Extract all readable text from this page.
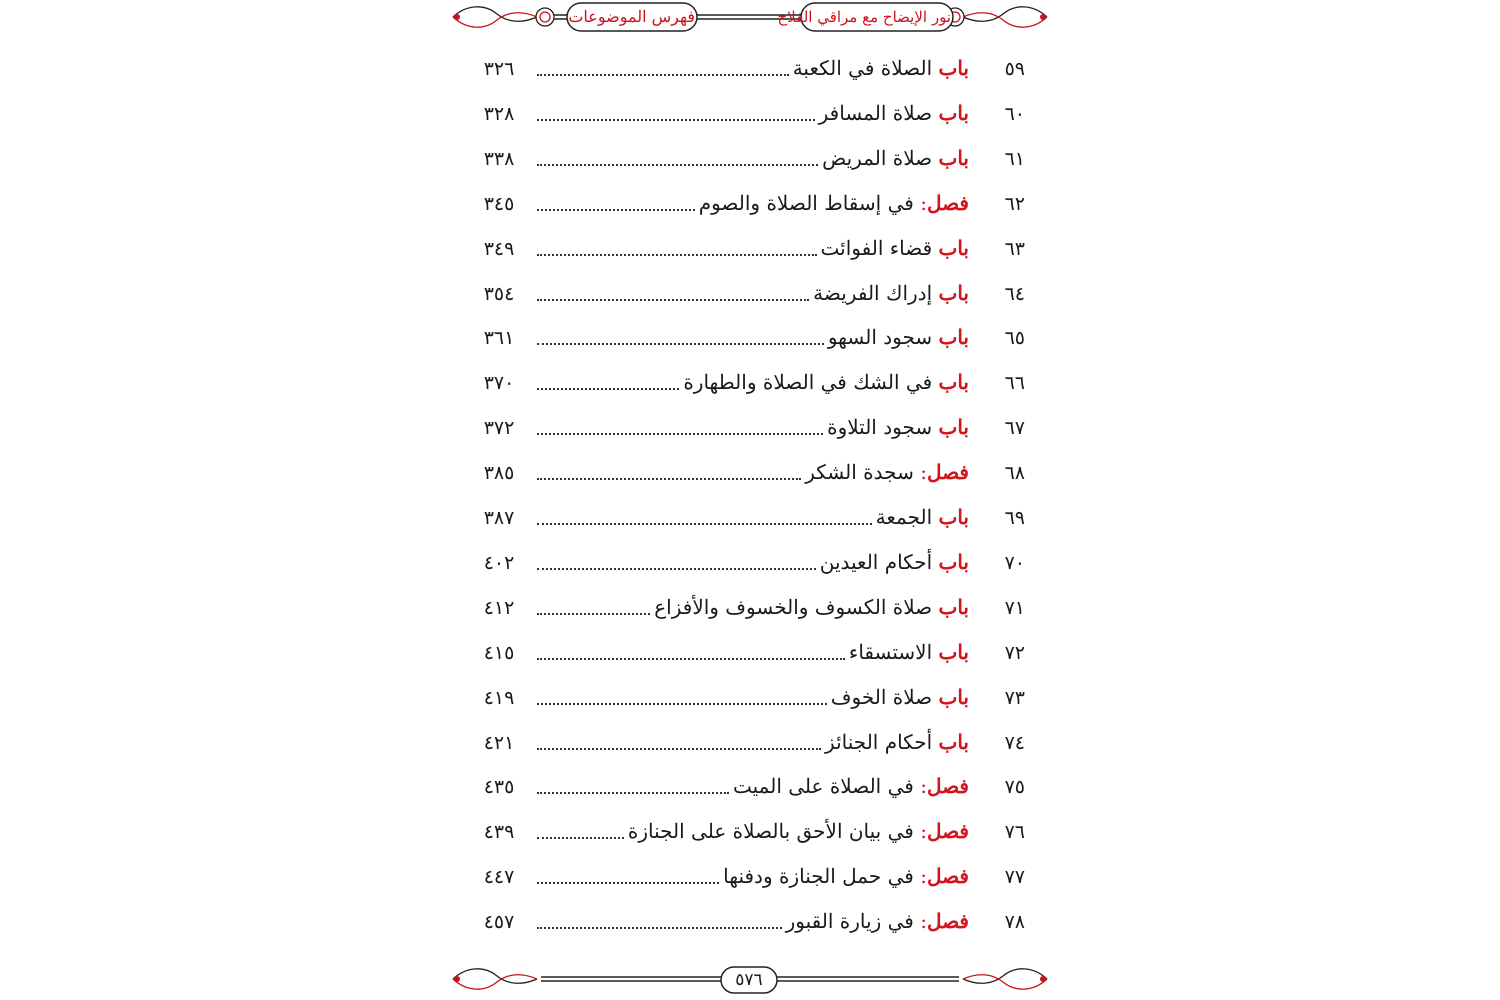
فهرس الموضوعات	نور الإيضاح مع مراقي الفلاح
٥٩
باب الصلاة في الكعبة
٣٢٦
٦٠
باب صلاة المسافر
٣٢٨
٦١
باب صلاة المريض
٣٣٨
٦٢
فصل: في إسقاط الصلاة والصوم
٣٤٥
٦٣
باب قضاء الفوائت
٣٤٩
٦٤
باب إدراك الفريضة
٣٥٤
٦٥
باب سجود السهو
٣٦١
٦٦
باب في الشك في الصلاة والطهارة
٣٧٠
٦٧
باب سجود التلاوة
٣٧٢
٦٨
فصل: سجدة الشكر
٣٨٥
٦٩
باب الجمعة
٣٨٧
٧٠
باب أحكام العيدين
٤٠٢
٧١
باب صلاة الكسوف والخسوف والأفزاع
٤١٢
٧٢
باب الاستسقاء
٤١٥
٧٣
باب صلاة الخوف
٤١٩
٧٤
باب أحكام الجنائز
٤٢١
٧٥
فصل: في الصلاة على الميت
٤٣٥
٧٦
فصل: في بيان الأحق بالصلاة على الجنازة
٤٣٩
٧٧
فصل: في حمل الجنازة ودفنها
٤٤٧
٧٨
فصل: في زيارة القبور
٤٥٧
٥٧٦
